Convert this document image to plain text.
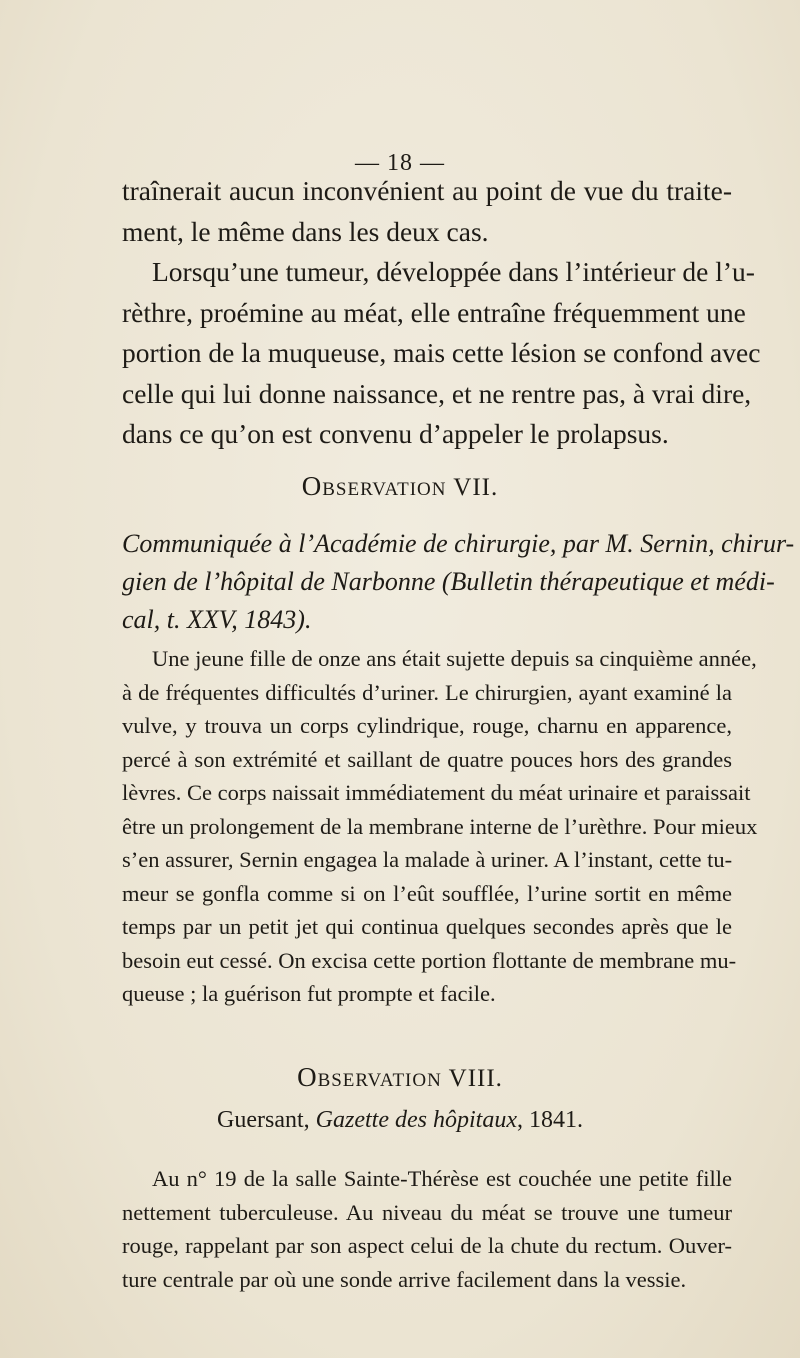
— 18 —

traînerait aucun inconvénient au point de vue du traite-
ment, le même dans les deux cas.
Lorsqu’une tumeur, développée dans l’intérieur de l’u-
rèthre, proémine au méat, elle entraîne fréquemment une
portion de la muqueuse, mais cette lésion se confond avec
celle qui lui donne naissance, et ne rentre pas, à vrai dire,
dans ce qu’on est convenu d’appeler le prolapsus.

OBSERVATION VII.
Communiquée à l’Académie de chirurgie, par M. Sernin, chirur-
gien de l’hôpital de Narbonne (Bulletin thérapeutique et médi-
cal, t. XXV, 1843).
Une jeune fille de onze ans était sujette depuis sa cinquième année,
à de fréquentes difficultés d’uriner. Le chirurgien, ayant examiné la
vulve, y trouva un corps cylindrique, rouge, charnu en apparence,
percé à son extrémité et saillant de quatre pouces hors des grandes
lèvres. Ce corps naissait immédiatement du méat urinaire et paraissait
être un prolongement de la membrane interne de l’urèthre. Pour mieux
s’en assurer, Sernin engagea la malade à uriner. A l’instant, cette tu-
meur se gonfla comme si on l’eût soufflée, l’urine sortit en même
temps par un petit jet qui continua quelques secondes après que le
besoin eut cessé. On excisa cette portion flottante de membrane mu-
queuse ; la guérison fut prompte et facile.
OBSERVATION VIII.
Guersant, Gazette des hôpitaux, 1841.
Au n° 19 de la salle Sainte-Thérèse est couchée une petite fille
nettement tuberculeuse. Au niveau du méat se trouve une tumeur
rouge, rappelant par son aspect celui de la chute du rectum. Ouver-
ture centrale par où une sonde arrive facilement dans la vessie.
